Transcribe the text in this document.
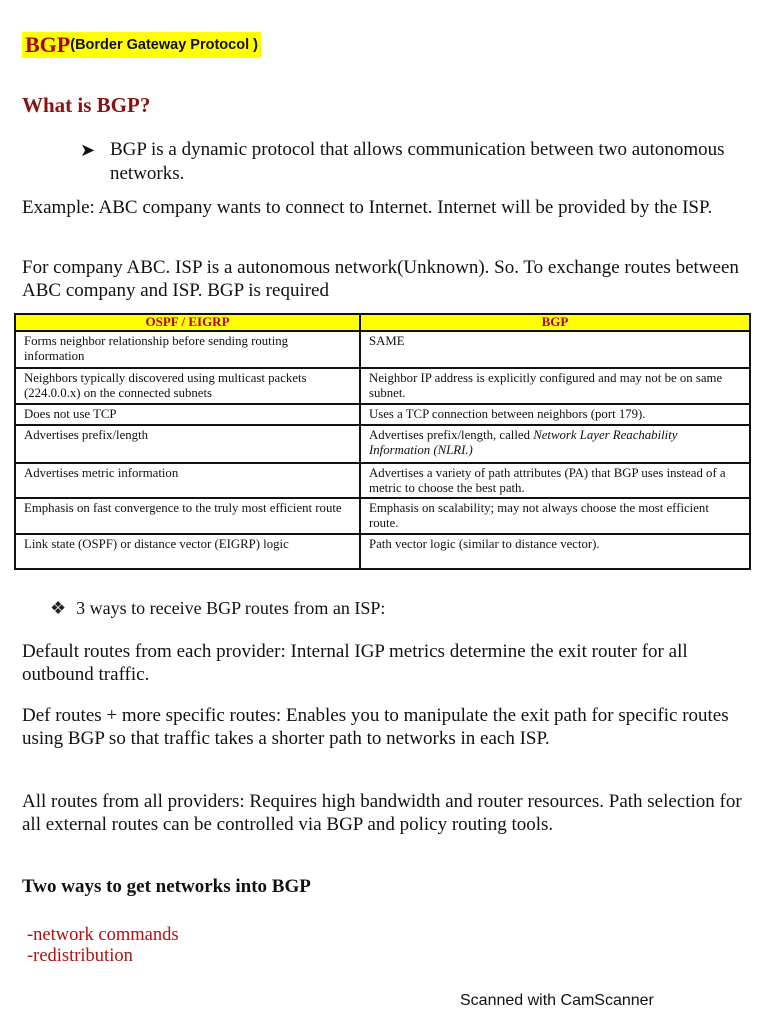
BGP (Border Gateway Protocol )
What is BGP?
➤ BGP is a dynamic protocol that allows communication between two autonomous networks.
Example: ABC company wants to connect to Internet. Internet will be provided by the ISP.
For company ABC. ISP is a autonomous network(Unknown). So. To exchange routes between ABC company and ISP. BGP is required
OSPF / EIGRP	BGP
Forms neighbor relationship before sending routing information	SAME
Neighbors typically discovered using multicast packets (224.0.0.x) on the connected subnets	Neighbor IP address is explicitly configured and may not be on same subnet.
Does not use TCP	Uses a TCP connection between neighbors (port 179).
Advertises prefix/length	Advertises prefix/length, called Network Layer Reachability Information (NLRI.)
Advertises metric information	Advertises a variety of path attributes (PA) that BGP uses instead of a metric to choose the best path.
Emphasis on fast convergence to the truly most efficient route	Emphasis on scalability; may not always choose the most efficient route.
Link state (OSPF) or distance vector (EIGRP) logic	Path vector logic (similar to distance vector).
❖ 3 ways to receive BGP routes from an ISP:
Default routes from each provider: Internal IGP metrics determine the exit router for all outbound traffic.
Def routes + more specific routes: Enables you to manipulate the exit path for specific routes using BGP so that traffic takes a shorter path to networks in each ISP.
All routes from all providers: Requires high bandwidth and router resources. Path selection for all external routes can be controlled via BGP and policy routing tools.
Two ways to get networks into BGP
-network commands
-redistribution
Scanned with CamScanner
